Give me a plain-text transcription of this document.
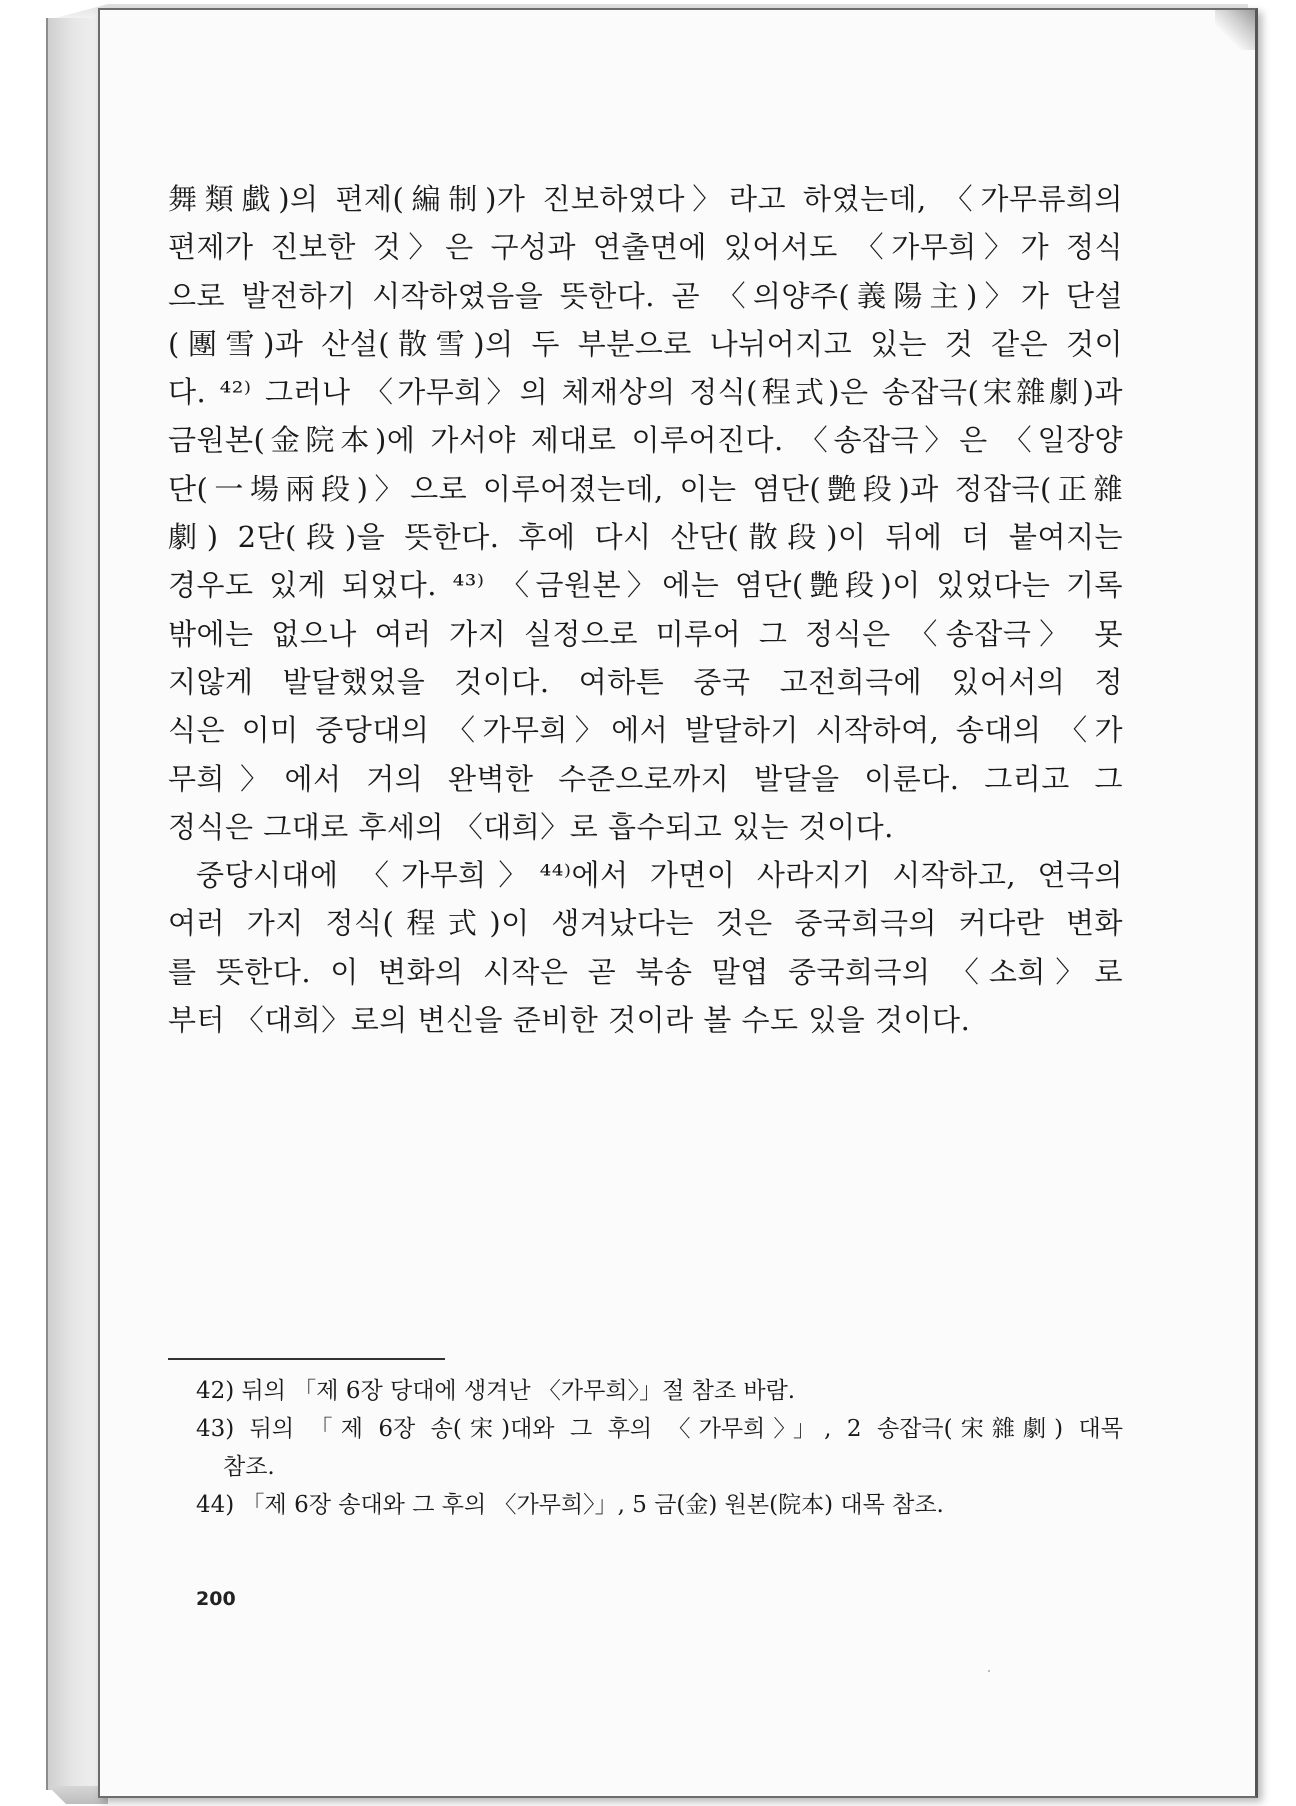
舞類戱)의 편제(編制)가 진보하였다〉라고 하였는데, 〈가무류희의
편제가 진보한 것〉은 구성과 연출면에 있어서도 〈가무희〉가 정식
으로 발전하기 시작하였음을 뜻한다. 곧 〈의양주(義陽主)〉가 단설
(團雪)과 산설(散雪)의 두 부분으로 나뉘어지고 있는 것 같은 것이
다. ⁴²⁾ 그러나 〈가무희〉의 체재상의 정식(程式)은 송잡극(宋雜劇)과
금원본(金院本)에 가서야 제대로 이루어진다. 〈송잡극〉은 〈일장양
단(一場兩段)〉으로 이루어졌는데, 이는 염단(艶段)과 정잡극(正雜
劇) 2단(段)을 뜻한다. 후에 다시 산단(散段)이 뒤에 더 붙여지는
경우도 있게 되었다. ⁴³⁾ 〈금원본〉에는 염단(艶段)이 있었다는 기록
밖에는 없으나 여러 가지 실정으로 미루어 그 정식은 〈송잡극〉 못
지않게 발달했었을 것이다. 여하튼 중국 고전희극에 있어서의 정
식은 이미 중당대의 〈가무희〉에서 발달하기 시작하여, 송대의 〈가
무희〉에서 거의 완벽한 수준으로까지 발달을 이룬다. 그리고 그
정식은 그대로 후세의 〈대희〉로 흡수되고 있는 것이다.
중당시대에 〈가무희〉⁴⁴⁾에서 가면이 사라지기 시작하고, 연극의
여러 가지 정식(程式)이 생겨났다는 것은 중국희극의 커다란 변화
를 뜻한다. 이 변화의 시작은 곧 북송 말엽 중국희극의 〈소희〉로
부터 〈대희〉로의 변신을 준비한 것이라 볼 수도 있을 것이다.
42) 뒤의 「제 6장 당대에 생겨난 〈가무희〉」절 참조 바람.
43) 뒤의 「제 6장 송(宋)대와 그 후의 〈가무희〉」, 2 송잡극(宋雜劇) 대목
참조.
44) 「제 6장 송대와 그 후의 〈가무희〉」, 5 금(金) 원본(院本) 대목 참조.
200
